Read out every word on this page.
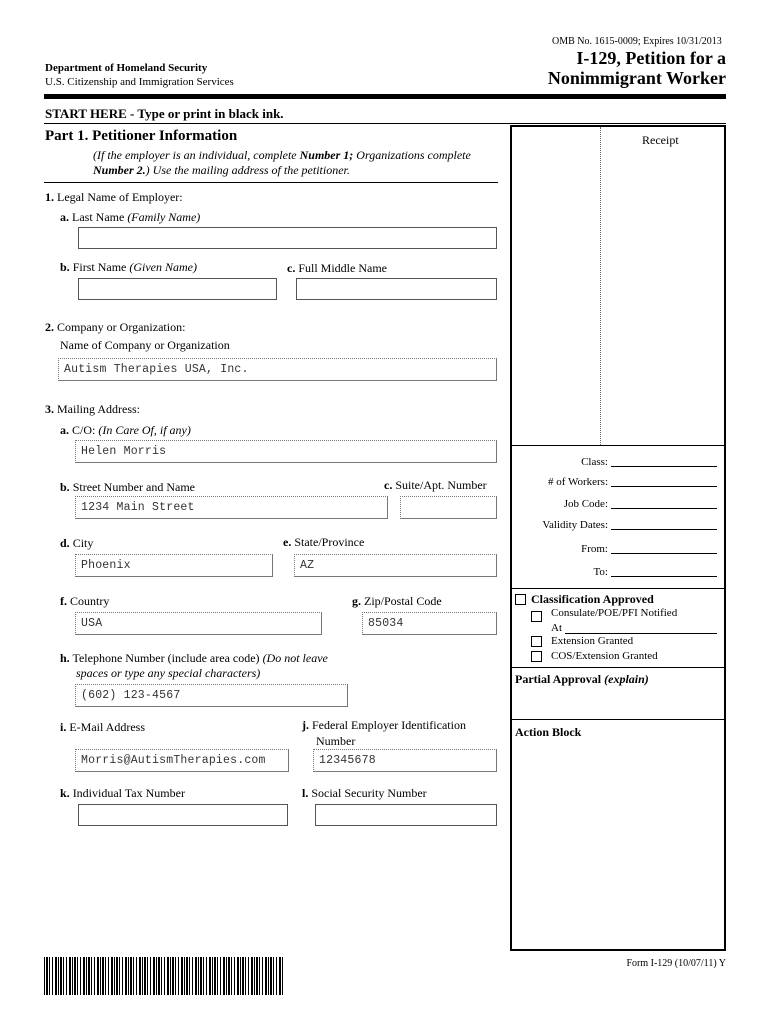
OMB No. 1615-0009; Expires 10/31/2013
I-129, Petition for a
Nonimmigrant Worker
Department of Homeland Security
U.S. Citizenship and Immigration Services
START HERE - Type or print in black ink.
Part 1. Petitioner Information
(If the employer is an individual, complete Number 1; Organizations complete
Number 2.) Use the mailing address of the petitioner.
1. Legal Name of Employer:
a. Last Name (Family Name)
b. First Name (Given Name)	c. Full Middle Name
2. Company or Organization:
Name of Company or Organization
Autism Therapies USA, Inc.
3. Mailing Address:
a. C/O: (In Care Of, if any)
Helen Morris
b. Street Number and Name	c. Suite/Apt. Number
1234 Main Street
d. City	e. State/Province
Phoenix	AZ
f. Country	g. Zip/Postal Code
USA	85034
h. Telephone Number (include area code) (Do not leave
spaces or type any special characters)
(602) 123-4567
i. E-Mail Address	j. Federal Employer Identification
Number
Morris@AutismTherapies.com	12345678
k. Individual Tax Number	l. Social Security Number
Receipt
Class:
# of Workers:
Job Code:
Validity Dates:
From:
To:
Classification Approved
Consulate/POE/PFI Notified
At
Extension Granted
COS/Extension Granted
Partial Approval (explain)
Action Block
Form I-129 (10/07/11) Y
